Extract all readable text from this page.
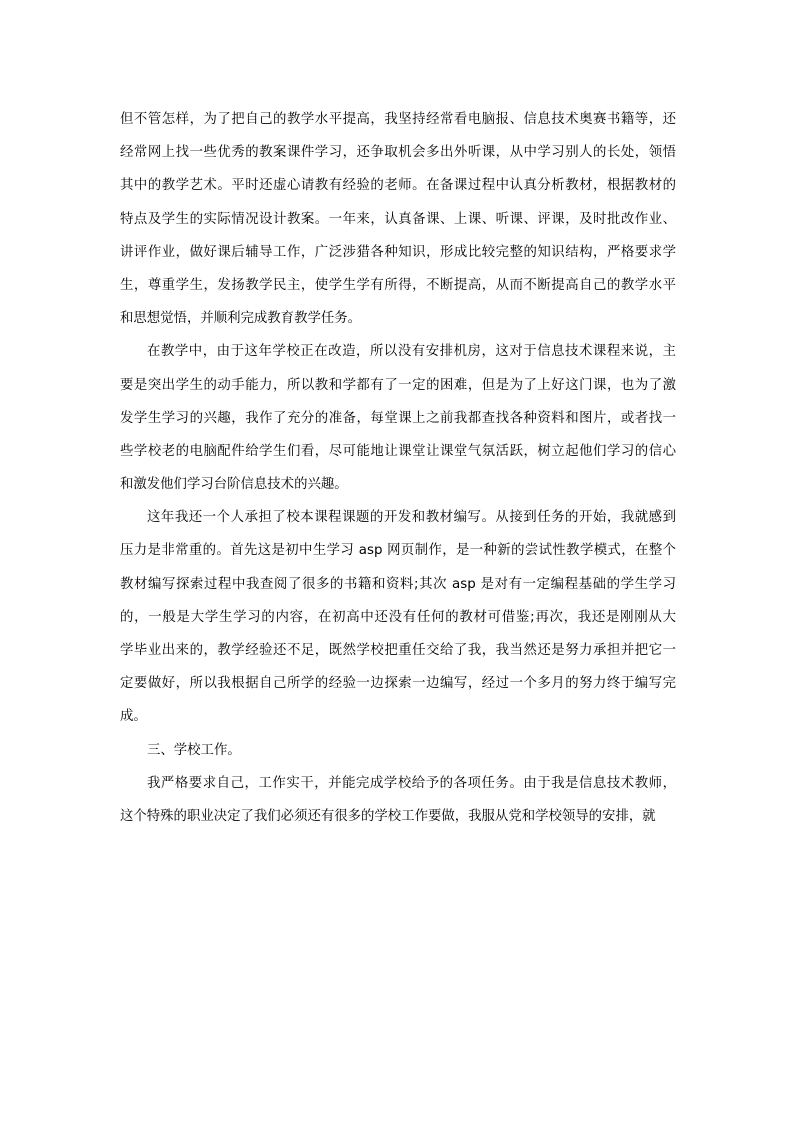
但不管怎样，为了把自己的教学水平提高，我坚持经常看电脑报、信息技术奥赛书籍等，还
经常网上找一些优秀的教案课件学习，还争取机会多出外听课，从中学习别人的长处，领悟
其中的教学艺术。平时还虚心请教有经验的老师。在备课过程中认真分析教材，根据教材的
特点及学生的实际情况设计教案。一年来，认真备课、上课、听课、评课，及时批改作业、
讲评作业，做好课后辅导工作，广泛涉猎各种知识，形成比较完整的知识结构，严格要求学
生，尊重学生，发扬教学民主，使学生学有所得，不断提高，从而不断提高自己的教学水平
和思想觉悟，并顺利完成教育教学任务。
在教学中，由于这年学校正在改造，所以没有安排机房，这对于信息技术课程来说，主
要是突出学生的动手能力，所以教和学都有了一定的困难，但是为了上好这门课，也为了激
发学生学习的兴趣，我作了充分的准备，每堂课上之前我都查找各种资料和图片，或者找一
些学校老的电脑配件给学生们看，尽可能地让课堂让课堂气氛活跃，树立起他们学习的信心
和激发他们学习台阶信息技术的兴趣。
这年我还一个人承担了校本课程课题的开发和教材编写。从接到任务的开始，我就感到
压力是非常重的。首先这是初中生学习 asp 网页制作，是一种新的尝试性教学模式，在整个
教材编写探索过程中我查阅了很多的书籍和资料;其次 asp 是对有一定编程基础的学生学习
的，一般是大学生学习的内容，在初高中还没有任何的教材可借鉴;再次，我还是刚刚从大
学毕业出来的，教学经验还不足，既然学校把重任交给了我，我当然还是努力承担并把它一
定要做好，所以我根据自己所学的经验一边探索一边编写，经过一个多月的努力终于编写完
成。
三、学校工作。
我严格要求自己，工作实干，并能完成学校给予的各项任务。由于我是信息技术教师，
这个特殊的职业决定了我们必须还有很多的学校工作要做，我服从党和学校领导的安排，就
